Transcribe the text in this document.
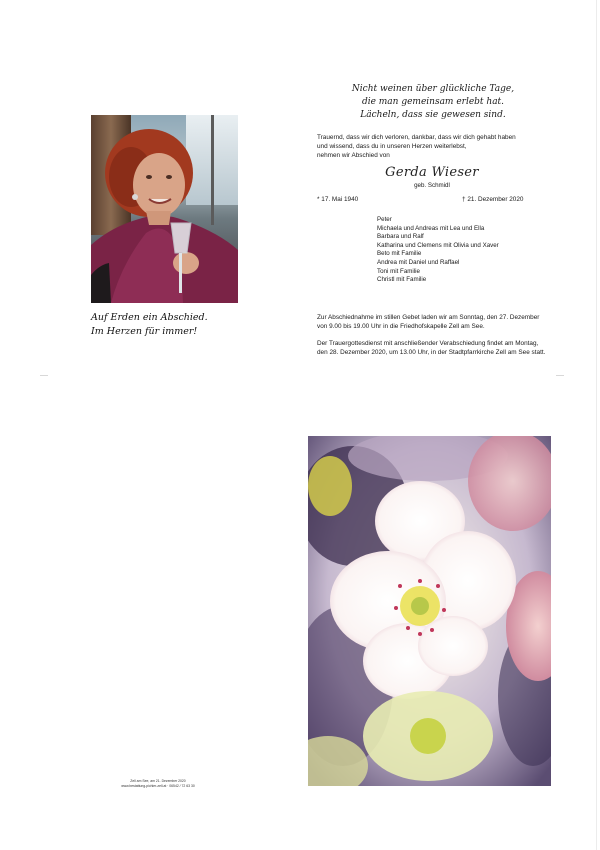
Auf Erden ein Abschied.
Im Herzen für immer!
Nicht weinen über glückliche Tage,
die man gemeinsam erlebt hat.
Lächeln, dass sie gewesen sind.
Trauernd, dass wir dich verloren, dankbar, dass wir dich gehabt haben
und wissend, dass du in unseren Herzen weiterlebst,
nehmen wir Abschied von
Gerda Wieser
geb. Schmidl
* 17. Mai 1940	† 21. Dezember 2020
Peter
Michaela und Andreas mit Lea und Ella
Barbara und Ralf
Katharina und Clemens mit Olivia und Xaver
Beto mit Familie
Andrea mit Daniel und Raffael
Toni mit Familie
Christl mit Familie

Zur Abschiednahme im stillen Gebet laden wir am Sonntag, den 27. Dezember von 9.00 bis 19.00 Uhr in die Friedhofskapelle Zell am See.

Der Trauergottesdienst mit anschließender Verabschiedung findet am Montag, den 28. Dezember 2020, um 13.00 Uhr, in der Stadtpfarrkirche Zell am See statt.

Zell am See, am 21. Dezember 2020
www.bestattung-pichler-zell.at · 06542 / 72 63 30
